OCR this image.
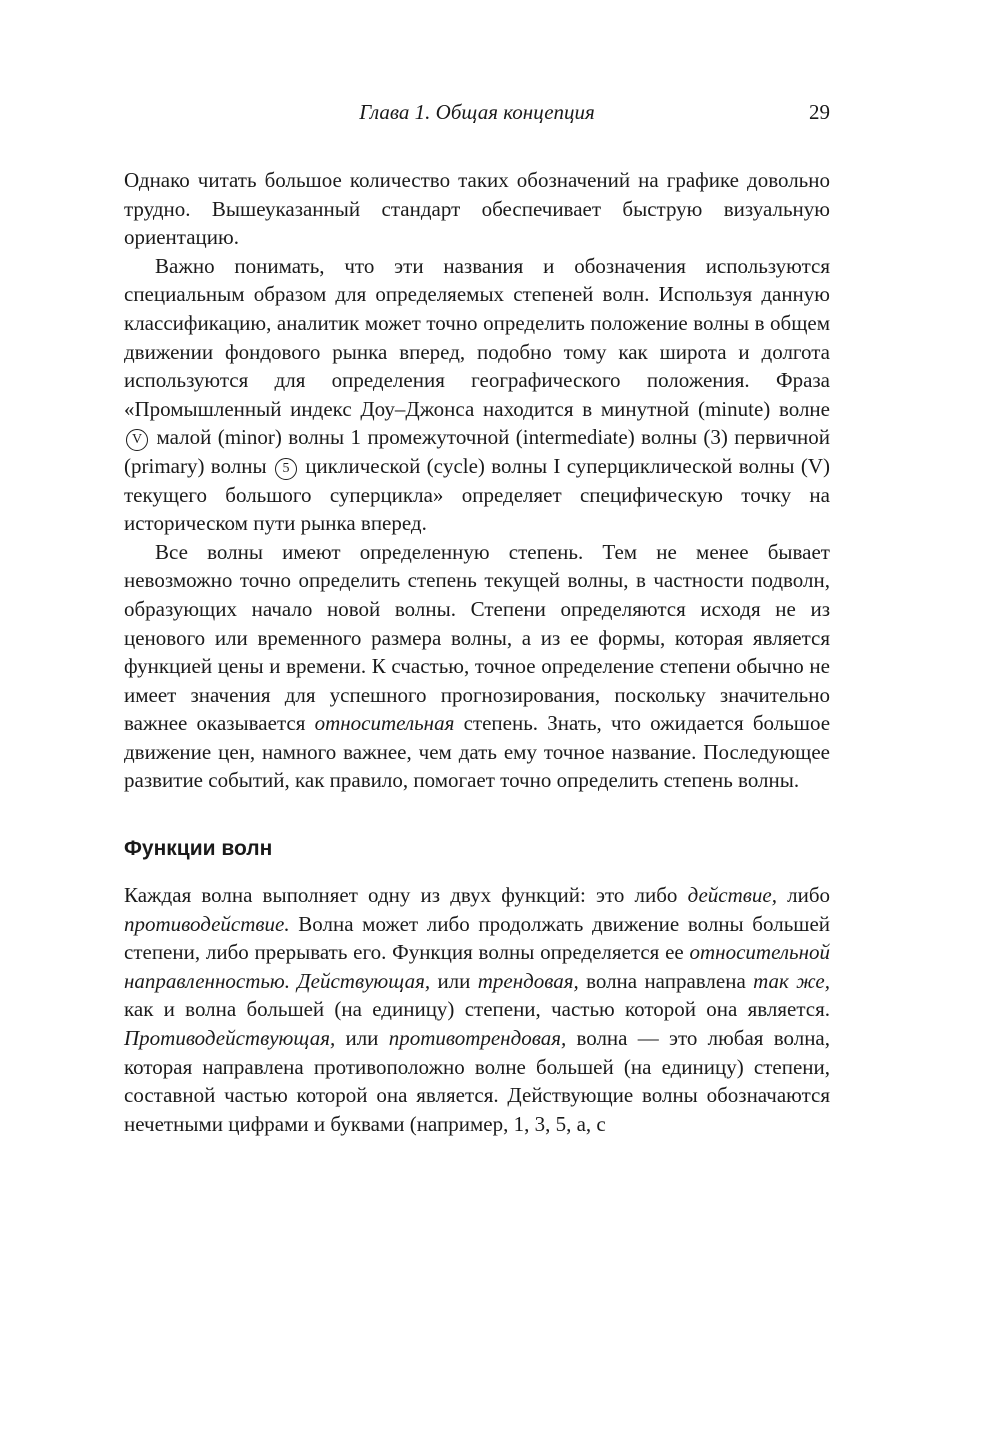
Глава 1. Общая концепция	29

Однако читать большое количество таких обозначений на графике довольно трудно. Вышеуказанный стандарт обеспечивает быструю визуальную ориентацию.

Важно понимать, что эти названия и обозначения используются специальным образом для определяемых степеней волн. Используя данную классификацию, аналитик может точно определить положение волны в общем движении фондового рынка вперед, подобно тому как широта и долгота используются для определения географического положения. Фраза «Промышленный индекс Доу–Джонса находится в минутной (minute) волне V малой (minor) волны 1 промежуточной (intermediate) волны (3) первичной (primary) волны 5 циклической (cycle) волны I суперциклической волны (V) текущего большого суперцикла» определяет специфическую точку на историческом пути рынка вперед.

Все волны имеют определенную степень. Тем не менее бывает невозможно точно определить степень текущей волны, в частности подволн, образующих начало новой волны. Степени определяются исходя не из ценового или временного размера волны, а из ее формы, которая является функцией цены и времени. К счастью, точное определение степени обычно не имеет значения для успешного прогнозирования, поскольку значительно важнее оказывается относительная степень. Знать, что ожидается большое движение цен, намного важнее, чем дать ему точное название. Последующее развитие событий, как правило, помогает точно определить степень волны.

Функции волн

Каждая волна выполняет одну из двух функций: это либо действие, либо противодействие. Волна может либо продолжать движение волны большей степени, либо прерывать его. Функция волны определяется ее относительной направленностью. Действующая, или трендовая, волна направлена так же, как и волна большей (на единицу) степени, частью которой она является. Противодействующая, или противотрендовая, волна — это любая волна, которая направлена противоположно волне большей (на единицу) степени, составной частью которой она является. Действующие волны обозначаются нечетными цифрами и буквами (например, 1, 3, 5, a, c
